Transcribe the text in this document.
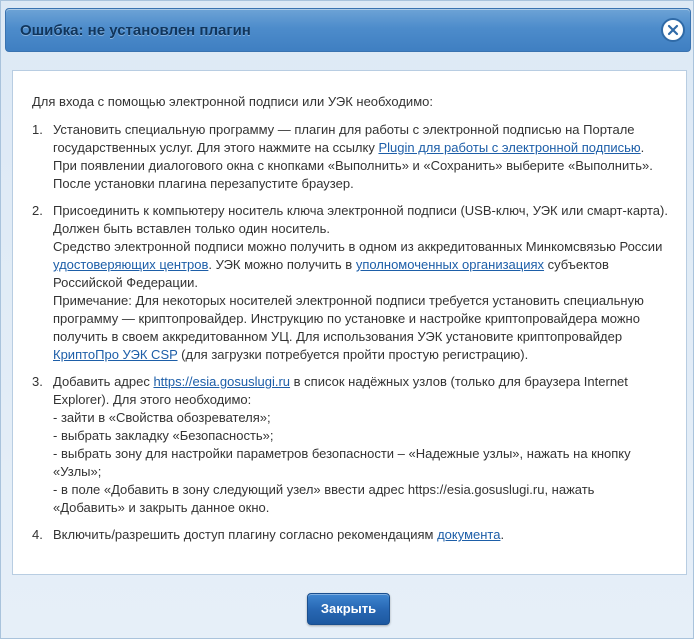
Ошибка: не установлен плагин
Для входа с помощью электронной подписи или УЭК необходимо:
1. Установить специальную программу — плагин для работы с электронной подписью на Портале государственных услуг. Для этого нажмите на ссылку Plugin для работы с электронной подписью.
При появлении диалогового окна с кнопками «Выполнить» и «Сохранить» выберите «Выполнить».
После установки плагина перезапустите браузер.
2. Присоединить к компьютеру носитель ключа электронной подписи (USB-ключ, УЭК или смарт-карта). Должен быть вставлен только один носитель.
Средство электронной подписи можно получить в одном из аккредитованных Минкомсвязью России удостоверяющих центров. УЭК можно получить в уполномоченных организациях субъектов Российской Федерации.
Примечание: Для некоторых носителей электронной подписи требуется установить специальную программу — криптопровайдер. Инструкцию по установке и настройке криптопровайдера можно получить в своем аккредитованном УЦ. Для использования УЭК установите криптопровайдер КриптоПро УЭК CSP (для загрузки потребуется пройти простую регистрацию).
3. Добавить адрес https://esia.gosuslugi.ru в список надёжных узлов (только для браузера Internet Explorer). Для этого необходимо:
- зайти в «Свойства обозревателя»;
- выбрать закладку «Безопасность»;
- выбрать зону для настройки параметров безопасности – «Надежные узлы», нажать на кнопку «Узлы»;
- в поле «Добавить в зону следующий узел» ввести адрес https://esia.gosuslugi.ru, нажать «Добавить» и закрыть данное окно.
4. Включить/разрешить доступ плагину согласно рекомендациям документа.
Закрыть
